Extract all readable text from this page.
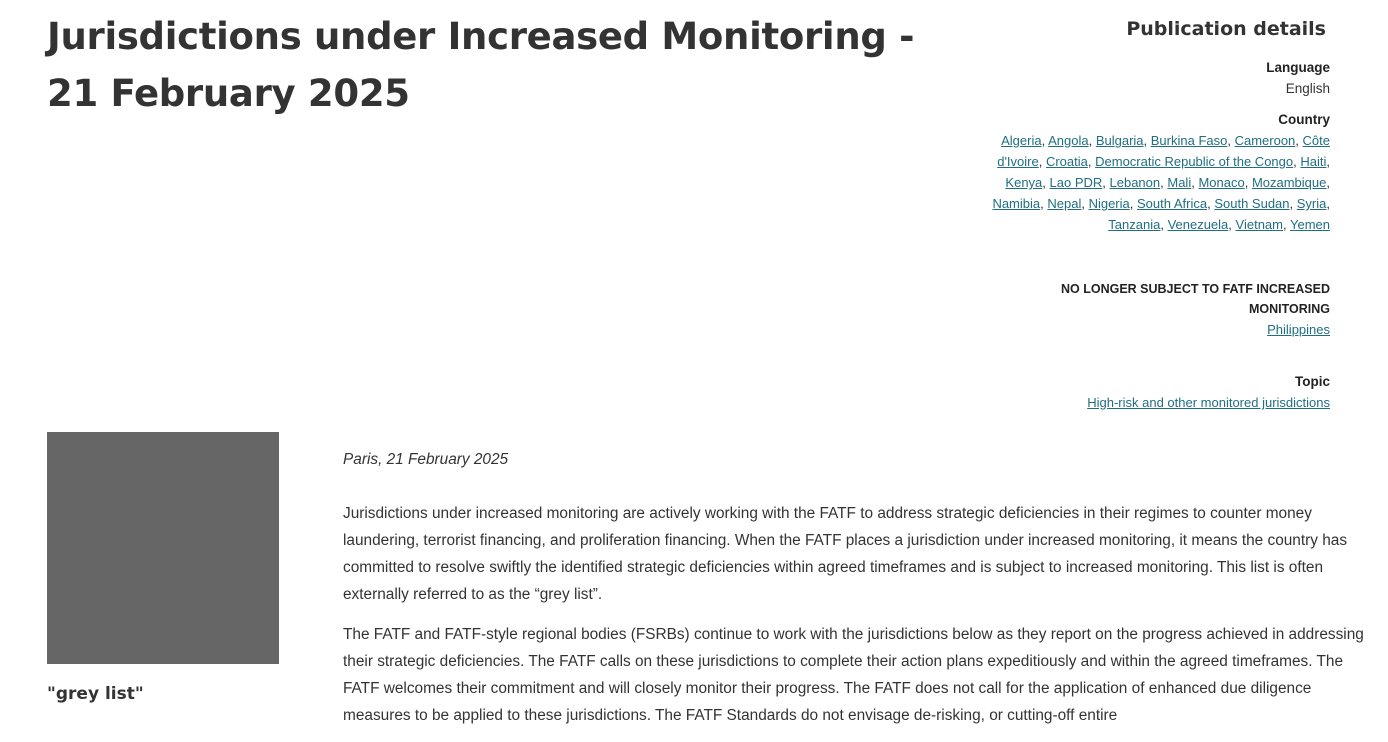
Jurisdictions under Increased Monitoring - 21 February 2025
Publication details
Language
English
Country
Algeria, Angola, Bulgaria, Burkina Faso, Cameroon, Côte d'Ivoire, Croatia, Democratic Republic of the Congo, Haiti, Kenya, Lao PDR, Lebanon, Mali, Monaco, Mozambique, Namibia, Nepal, Nigeria, South Africa, South Sudan, Syria, Tanzania, Venezuela, Vietnam, Yemen
NO LONGER SUBJECT TO FATF INCREASED MONITORING
Philippines
Topic
High-risk and other monitored jurisdictions
"grey list"
Paris, 21 February 2025

Jurisdictions under increased monitoring are actively working with the FATF to address strategic deficiencies in their regimes to counter money laundering, terrorist financing, and proliferation financing. When the FATF places a jurisdiction under increased monitoring, it means the country has committed to resolve swiftly the identified strategic deficiencies within agreed timeframes and is subject to increased monitoring. This list is often externally referred to as the “grey list”.

The FATF and FATF-style regional bodies (FSRBs) continue to work with the jurisdictions below as they report on the progress achieved in addressing their strategic deficiencies. The FATF calls on these jurisdictions to complete their action plans expeditiously and within the agreed timeframes. The FATF welcomes their commitment and will closely monitor their progress. The FATF does not call for the application of enhanced due diligence measures to be applied to these jurisdictions. The FATF Standards do not envisage de-risking, or cutting-off entire
